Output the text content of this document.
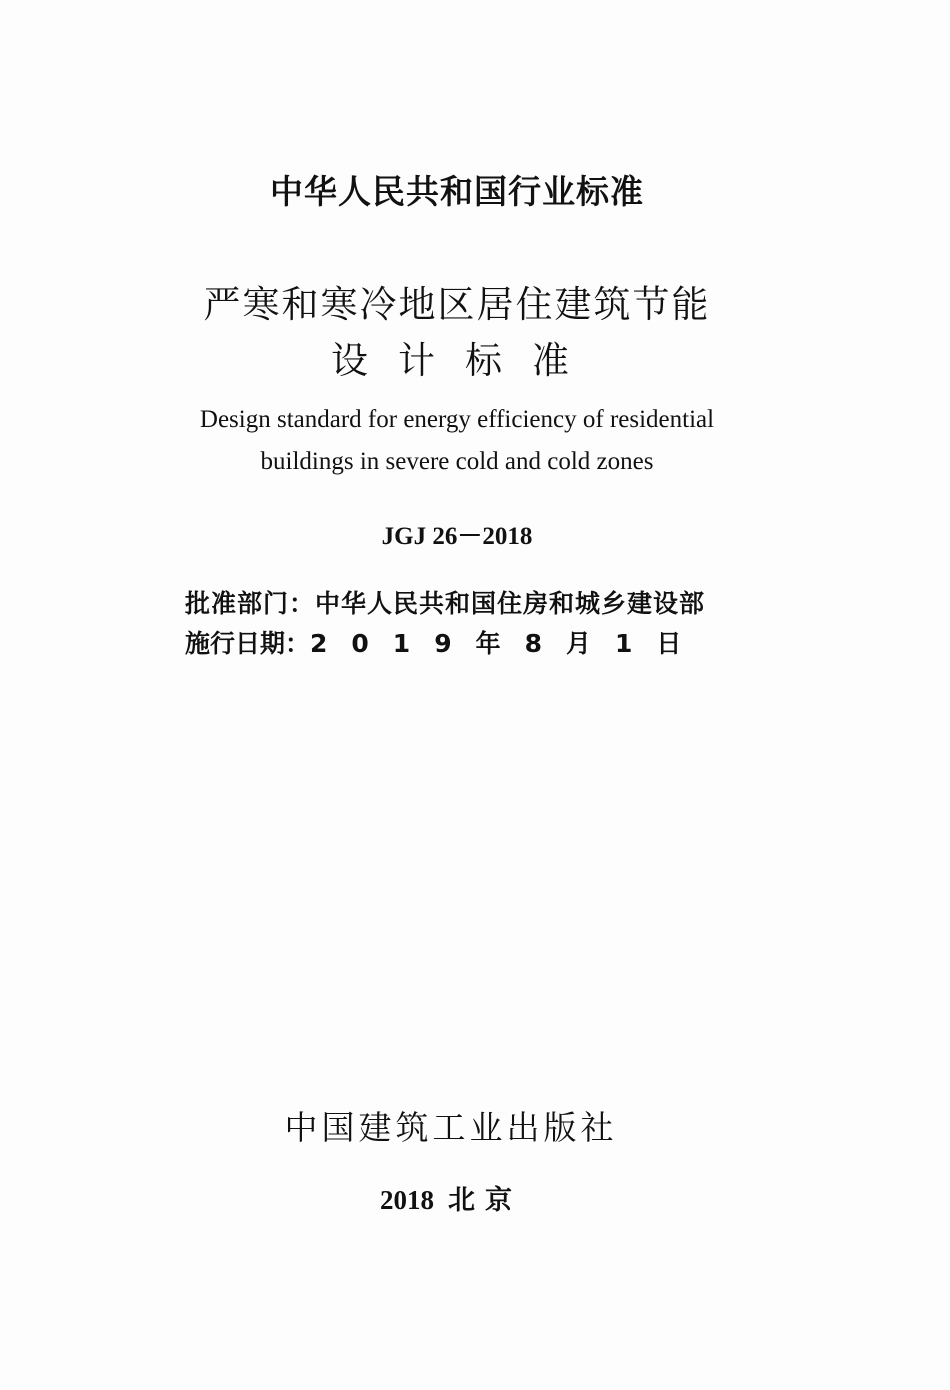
中华人民共和国行业标准
严寒和寒冷地区居住建筑节能
设计标准
Design standard for energy efficiency of residential
buildings in severe cold and cold zones
JGJ 26－2018
批准部门：中华人民共和国住房和城乡建设部
施行日期：2019年8月1日
中国建筑工业出版社
2018 北京
